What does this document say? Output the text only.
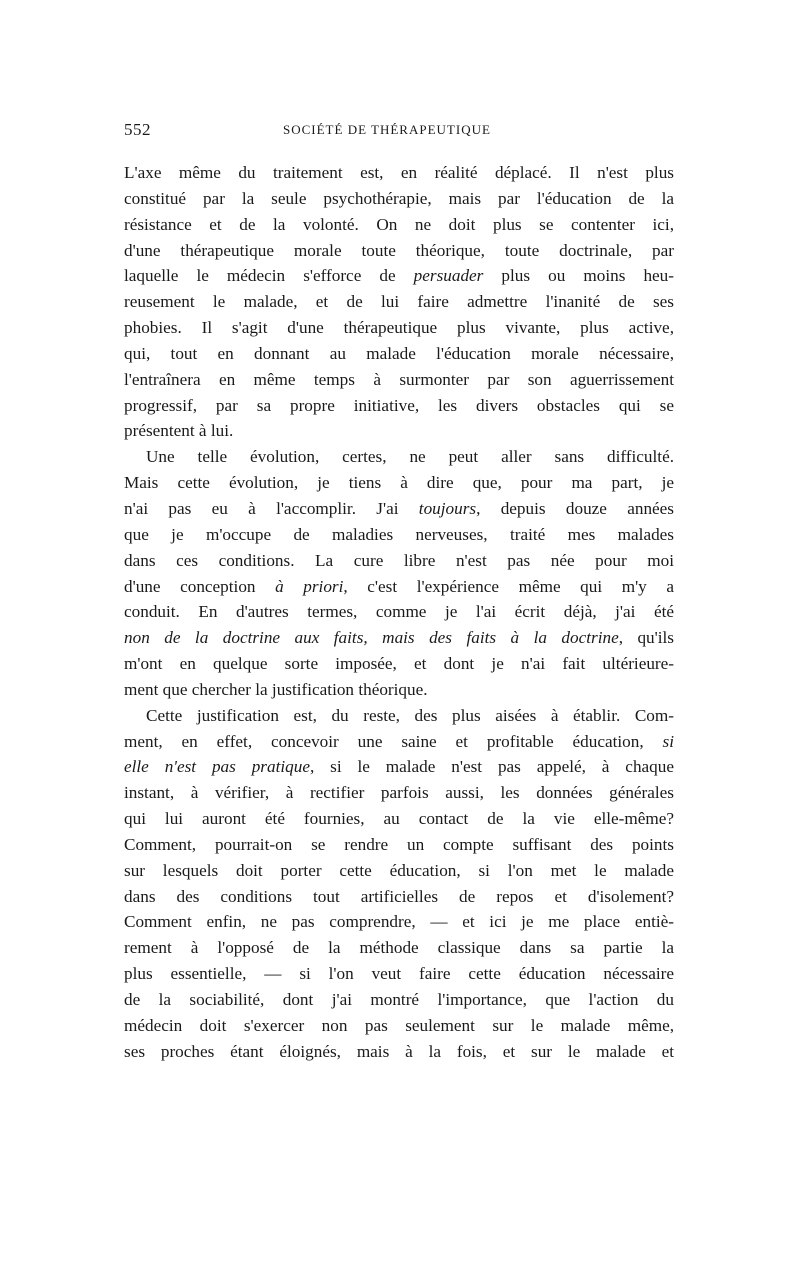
552	SOCIÉTÉ DE THÉRAPEUTIQUE
L'axe même du traitement est, en réalité déplacé. Il n'est plus
constitué par la seule psychothérapie, mais par l'éducation de la
résistance et de la volonté. On ne doit plus se contenter ici,
d'une thérapeutique morale toute théorique, toute doctrinale, par
laquelle le médecin s'efforce de persuader plus ou moins heu-
reusement le malade, et de lui faire admettre l'inanité de ses
phobies. Il s'agit d'une thérapeutique plus vivante, plus active,
qui, tout en donnant au malade l'éducation morale nécessaire,
l'entraînera en même temps à surmonter par son aguerrissement
progressif, par sa propre initiative, les divers obstacles qui se
présentent à lui.
Une telle évolution, certes, ne peut aller sans difficulté.
Mais cette évolution, je tiens à dire que, pour ma part, je
n'ai pas eu à l'accomplir. J'ai toujours, depuis douze années
que je m'occupe de maladies nerveuses, traité mes malades
dans ces conditions. La cure libre n'est pas née pour moi
d'une conception à priori, c'est l'expérience même qui m'y a
conduit. En d'autres termes, comme je l'ai écrit déjà, j'ai été
non de la doctrine aux faits, mais des faits à la doctrine, qu'ils
m'ont en quelque sorte imposée, et dont je n'ai fait ultérieure-
ment que chercher la justification théorique.
Cette justification est, du reste, des plus aisées à établir. Com-
ment, en effet, concevoir une saine et profitable éducation, si
elle n'est pas pratique, si le malade n'est pas appelé, à chaque
instant, à vérifier, à rectifier parfois aussi, les données générales
qui lui auront été fournies, au contact de la vie elle-même?
Comment, pourrait-on se rendre un compte suffisant des points
sur lesquels doit porter cette éducation, si l'on met le malade
dans des conditions tout artificielles de repos et d'isolement?
Comment enfin, ne pas comprendre, — et ici je me place entiè-
rement à l'opposé de la méthode classique dans sa partie la
plus essentielle, — si l'on veut faire cette éducation nécessaire
de la sociabilité, dont j'ai montré l'importance, que l'action du
médecin doit s'exercer non pas seulement sur le malade même,
ses proches étant éloignés, mais à la fois, et sur le malade et
